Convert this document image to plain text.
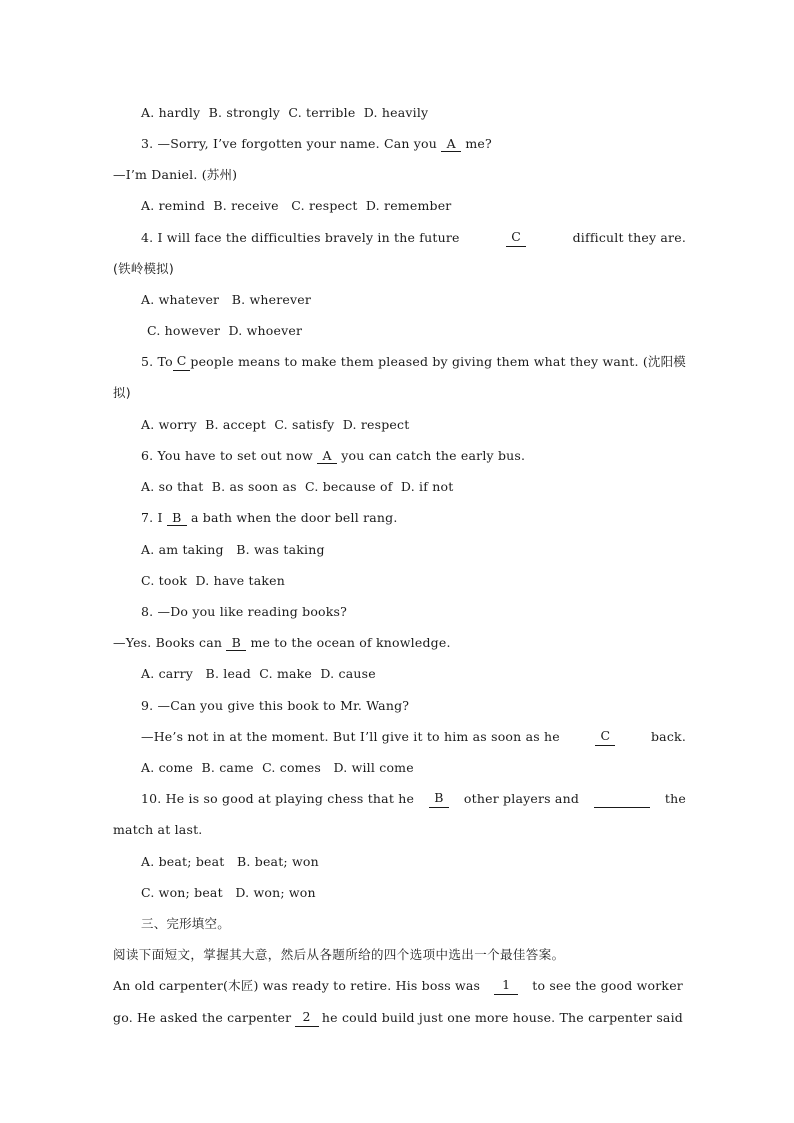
A. hardly  B. strongly  C. terrible  D. heavily
3. —Sorry, I’ve forgotten your name. Can you A me?
—I’m Daniel. (苏州)
A. remind  B. receive   C. respect  D. remember
4. I will face the difficulties bravely in the future	C	difficult they are.
(铁岭模拟)
A. whatever   B. wherever
C. however  D. whoever
5. To C people means to make them pleased by giving them what they want. (沈阳模
拟)
A. worry  B. accept  C. satisfy  D. respect
6. You have to set out now A you can catch the early bus.
A. so that  B. as soon as  C. because of  D. if not
7. I B a bath when the door bell rang.
A. am taking   B. was taking
C. took  D. have taken
8. —Do you like reading books?
—Yes. Books can B me to the ocean of knowledge.
A. carry   B. lead  C. make  D. cause
9. —Can you give this book to Mr. Wang?
—He’s not in at the moment. But I’ll give it to him as soon as he	C	back.
A. come  B. came  C. comes   D. will come
10. He is so good at playing chess that he	B	other players and	the
match at last.
A. beat; beat   B. beat; won
C. won; beat   D. won; won
三、完形填空。
阅读下面短文，掌握其大意，然后从各题所给的四个选项中选出一个最佳答案。
An old carpenter(木匠) was ready to retire. His boss was	1	to see the good worker
go. He asked the carpenter 2 he could build just one more house. The carpenter said
